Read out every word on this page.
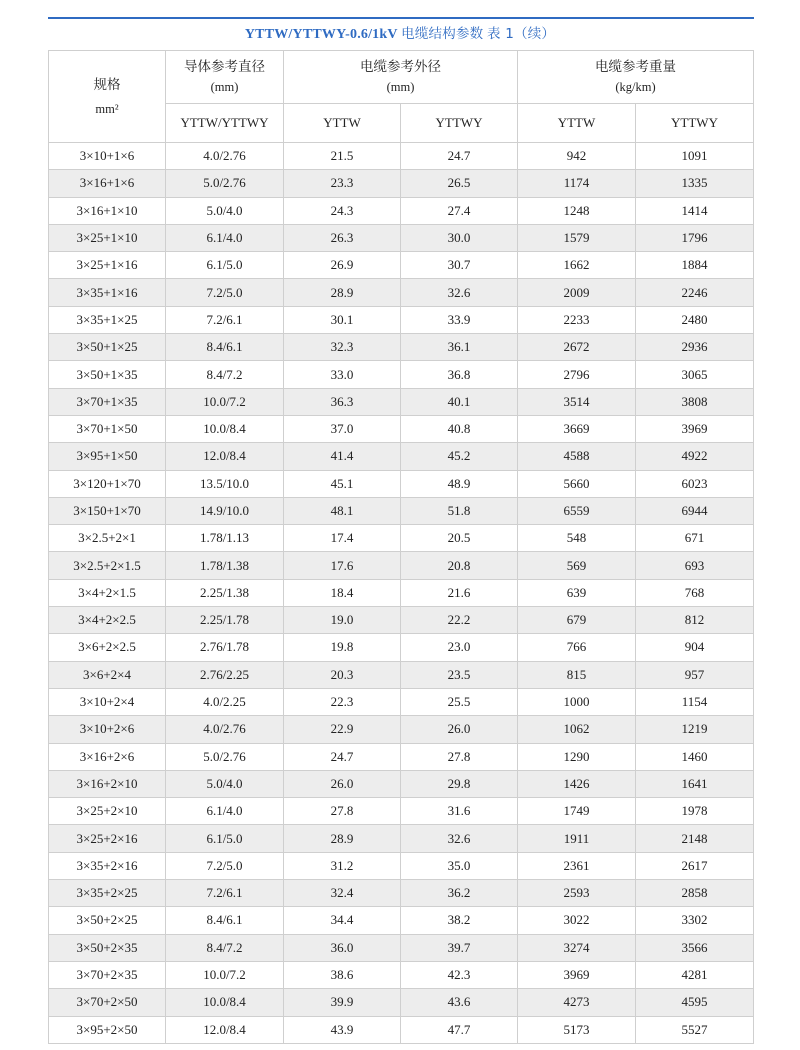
YTTW/YTTWY-0.6/1kV 电缆结构参数 表 1（续）
规格
mm²	导体参考直径
(mm)	电缆参考外径
(mm)		电缆参考重量
(kg/km)	

	YTTW/YTTWY	YTTW	YTTWY	YTTW	YTTWY
3×10+1×6	4.0/2.76	21.5	24.7	942	1091
3×16+1×6	5.0/2.76	23.3	26.5	1174	1335
3×16+1×10	5.0/4.0	24.3	27.4	1248	1414
3×25+1×10	6.1/4.0	26.3	30.0	1579	1796
3×25+1×16	6.1/5.0	26.9	30.7	1662	1884
3×35+1×16	7.2/5.0	28.9	32.6	2009	2246
3×35+1×25	7.2/6.1	30.1	33.9	2233	2480
3×50+1×25	8.4/6.1	32.3	36.1	2672	2936
3×50+1×35	8.4/7.2	33.0	36.8	2796	3065
3×70+1×35	10.0/7.2	36.3	40.1	3514	3808
3×70+1×50	10.0/8.4	37.0	40.8	3669	3969
3×95+1×50	12.0/8.4	41.4	45.2	4588	4922
3×120+1×70	13.5/10.0	45.1	48.9	5660	6023
3×150+1×70	14.9/10.0	48.1	51.8	6559	6944
3×2.5+2×1	1.78/1.13	17.4	20.5	548	671
3×2.5+2×1.5	1.78/1.38	17.6	20.8	569	693
3×4+2×1.5	2.25/1.38	18.4	21.6	639	768
3×4+2×2.5	2.25/1.78	19.0	22.2	679	812
3×6+2×2.5	2.76/1.78	19.8	23.0	766	904
3×6+2×4	2.76/2.25	20.3	23.5	815	957
3×10+2×4	4.0/2.25	22.3	25.5	1000	1154
3×10+2×6	4.0/2.76	22.9	26.0	1062	1219
3×16+2×6	5.0/2.76	24.7	27.8	1290	1460
3×16+2×10	5.0/4.0	26.0	29.8	1426	1641
3×25+2×10	6.1/4.0	27.8	31.6	1749	1978
3×25+2×16	6.1/5.0	28.9	32.6	1911	2148
3×35+2×16	7.2/5.0	31.2	35.0	2361	2617
3×35+2×25	7.2/6.1	32.4	36.2	2593	2858
3×50+2×25	8.4/6.1	34.4	38.2	3022	3302
3×50+2×35	8.4/7.2	36.0	39.7	3274	3566
3×70+2×35	10.0/7.2	38.6	42.3	3969	4281
3×70+2×50	10.0/8.4	39.9	43.6	4273	4595
3×95+2×50	12.0/8.4	43.9	47.7	5173	5527
